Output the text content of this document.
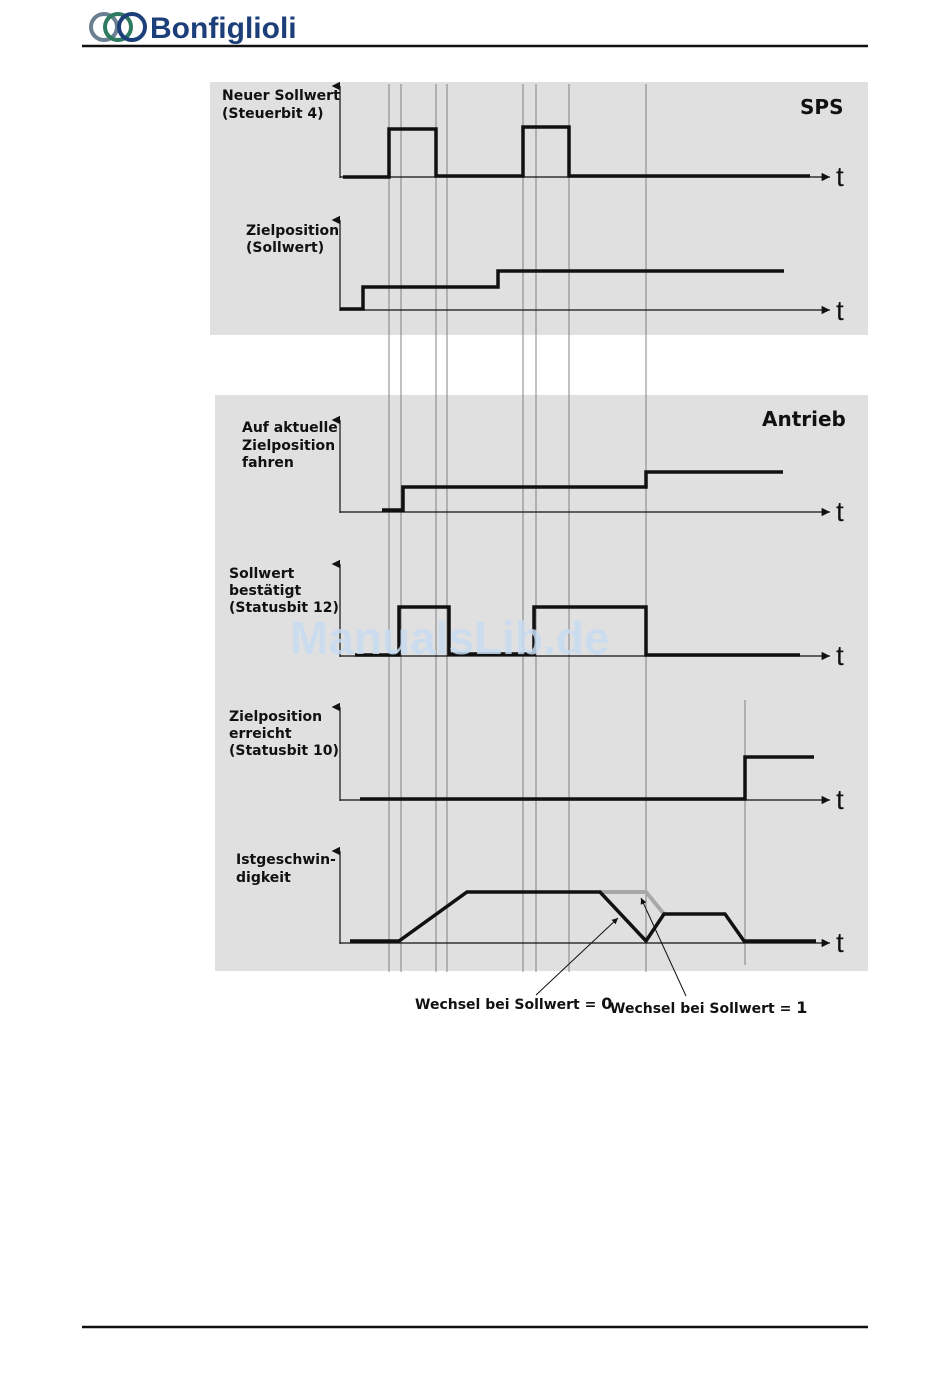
Bonfiglioli
SPS
Antrieb
Neuer Sollwert
(Steuerbit 4)
t
Zielposition
(Sollwert)
t
Auf aktuelle
Zielposition
fahren
t
Sollwert
bestätigt
(Statusbit 12)
t
Zielposition
erreicht
(Statusbit 10)
t
Istgeschwin-
digkeit
t
Wechsel bei Sollwert = 0
Wechsel bei Sollwert = 1
ManualsLib.de
